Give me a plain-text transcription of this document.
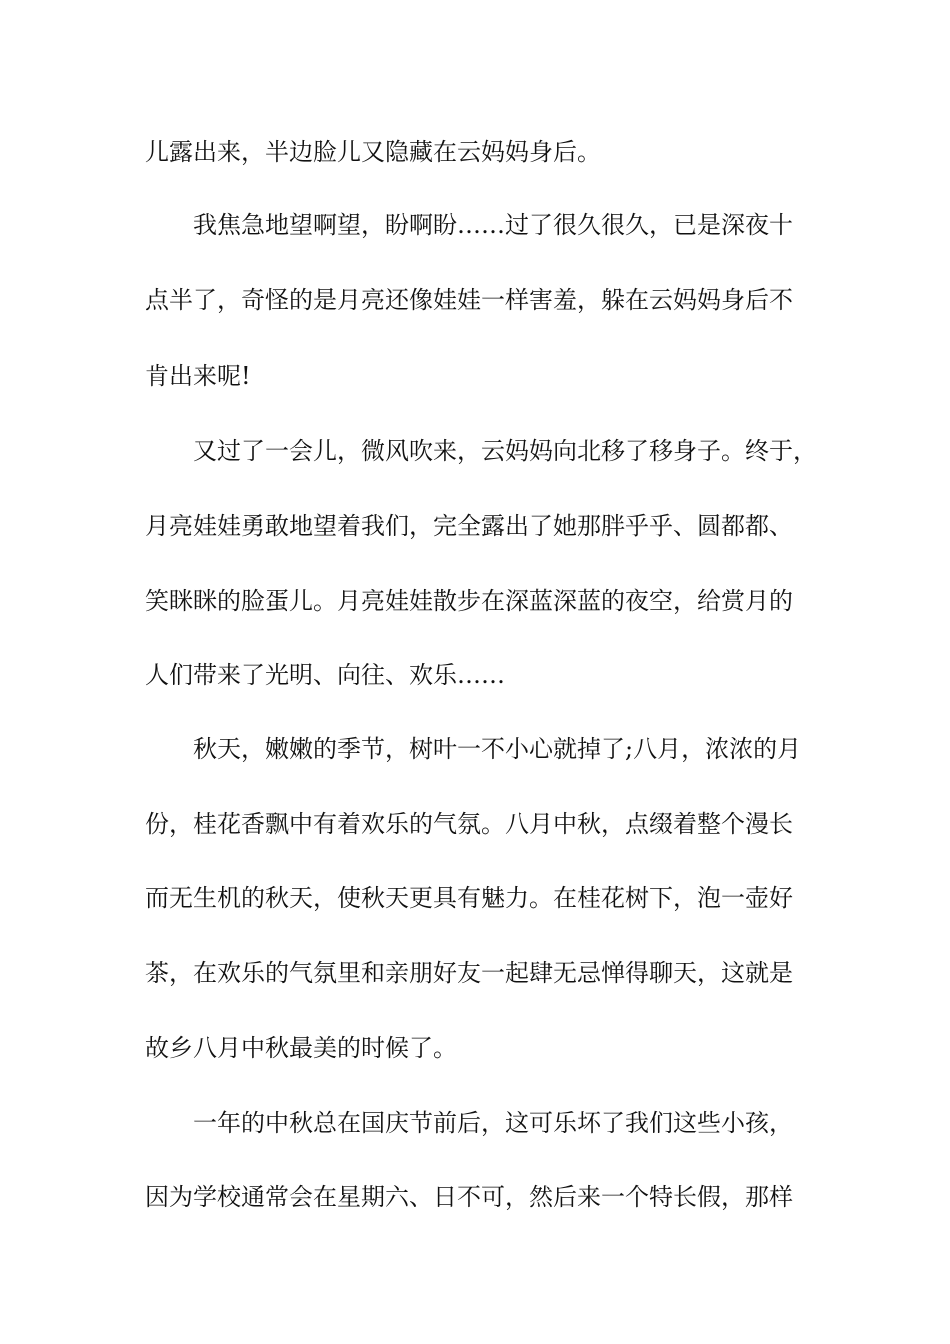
儿露出来，半边脸儿又隐藏在云妈妈身后。
　　我焦急地望啊望，盼啊盼……过了很久很久，已是深夜十
点半了，奇怪的是月亮还像娃娃一样害羞，躲在云妈妈身后不
肯出来呢!
　　又过了一会儿，微风吹来，云妈妈向北移了移身子。终于，
月亮娃娃勇敢地望着我们，完全露出了她那胖乎乎、圆都都、
笑眯眯的脸蛋儿。月亮娃娃散步在深蓝深蓝的夜空，给赏月的
人们带来了光明、向往、欢乐……
　　秋天，嫩嫩的季节，树叶一不小心就掉了;八月，浓浓的月
份，桂花香飘中有着欢乐的气氛。八月中秋，点缀着整个漫长
而无生机的秋天，使秋天更具有魅力。在桂花树下，泡一壶好
茶，在欢乐的气氛里和亲朋好友一起肆无忌惮得聊天，这就是
故乡八月中秋最美的时候了。
　　一年的中秋总在国庆节前后，这可乐坏了我们这些小孩，
因为学校通常会在星期六、日不可，然后来一个特长假，那样
